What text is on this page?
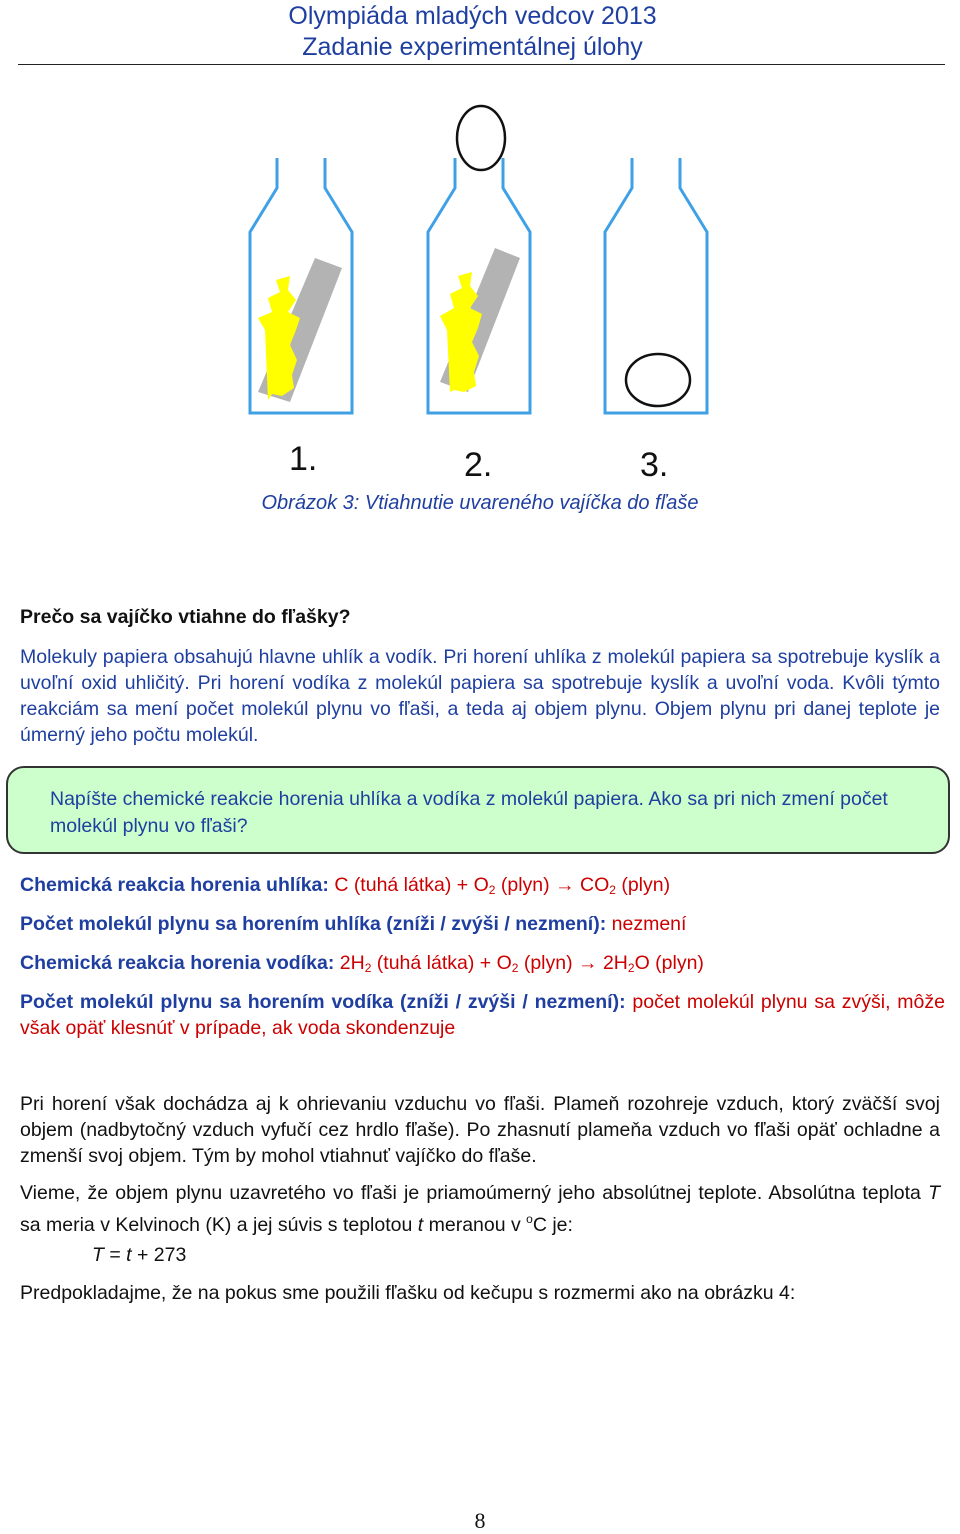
Olympiáda mladých vedcov 2013
Zadanie experimentálnej úlohy
1.	2.	3.
Obrázok 3: Vtiahnutie uvareného vajíčka do fľaše
Prečo sa vajíčko vtiahne do fľašky?
Molekuly papiera obsahujú hlavne uhlík a vodík. Pri horení uhlíka z molekúl papiera sa spotrebuje kyslík a uvoľní oxid uhličitý. Pri horení vodíka z molekúl papiera sa spotrebuje kyslík a uvoľní voda. Kvôli týmto reakciám sa mení počet molekúl plynu vo fľaši, a teda aj objem plynu. Objem plynu pri danej teplote je úmerný jeho počtu molekúl.
Napíšte chemické reakcie horenia uhlíka a vodíka z molekúl papiera. Ako sa pri nich zmení počet molekúl plynu vo fľaši?
Chemická reakcia horenia uhlíka: C (tuhá látka) + $O_2$ (plyn) → $CO_2$ (plyn)
Počet molekúl plynu sa horením uhlíka (zníži / zvýši / nezmení): nezmení
Chemická reakcia horenia vodíka: $2H_2$ (tuhá látka) + $O_2$ (plyn) → $2H_2O$ (plyn)
Počet molekúl plynu sa horením vodíka (zníži / zvýši / nezmení): počet molekúl plynu sa zvýši, môže však opäť klesnúť v prípade, ak voda skondenzuje
Pri horení však dochádza aj k ohrievaniu vzduchu vo fľaši. Plameň rozohreje vzduch, ktorý zväčší svoj objem (nadbytočný vzduch vyfučí cez hrdlo fľaše). Po zhasnutí plameňa vzduch vo fľaši opäť ochladne a zmenší svoj objem. Tým by mohol vtiahnuť vajíčko do fľaše.
Vieme, že objem plynu uzavretého vo fľaši je priamoúmerný jeho absolútnej teplote. Absolútna teplota T sa meria v Kelvinoch (K) a jej súvis s teplotou t meranou v $^o$C je:
T = t + 273
Predpokladajme, že na pokus sme použili fľašku od kečupu s rozmermi ako na obrázku 4:
8
